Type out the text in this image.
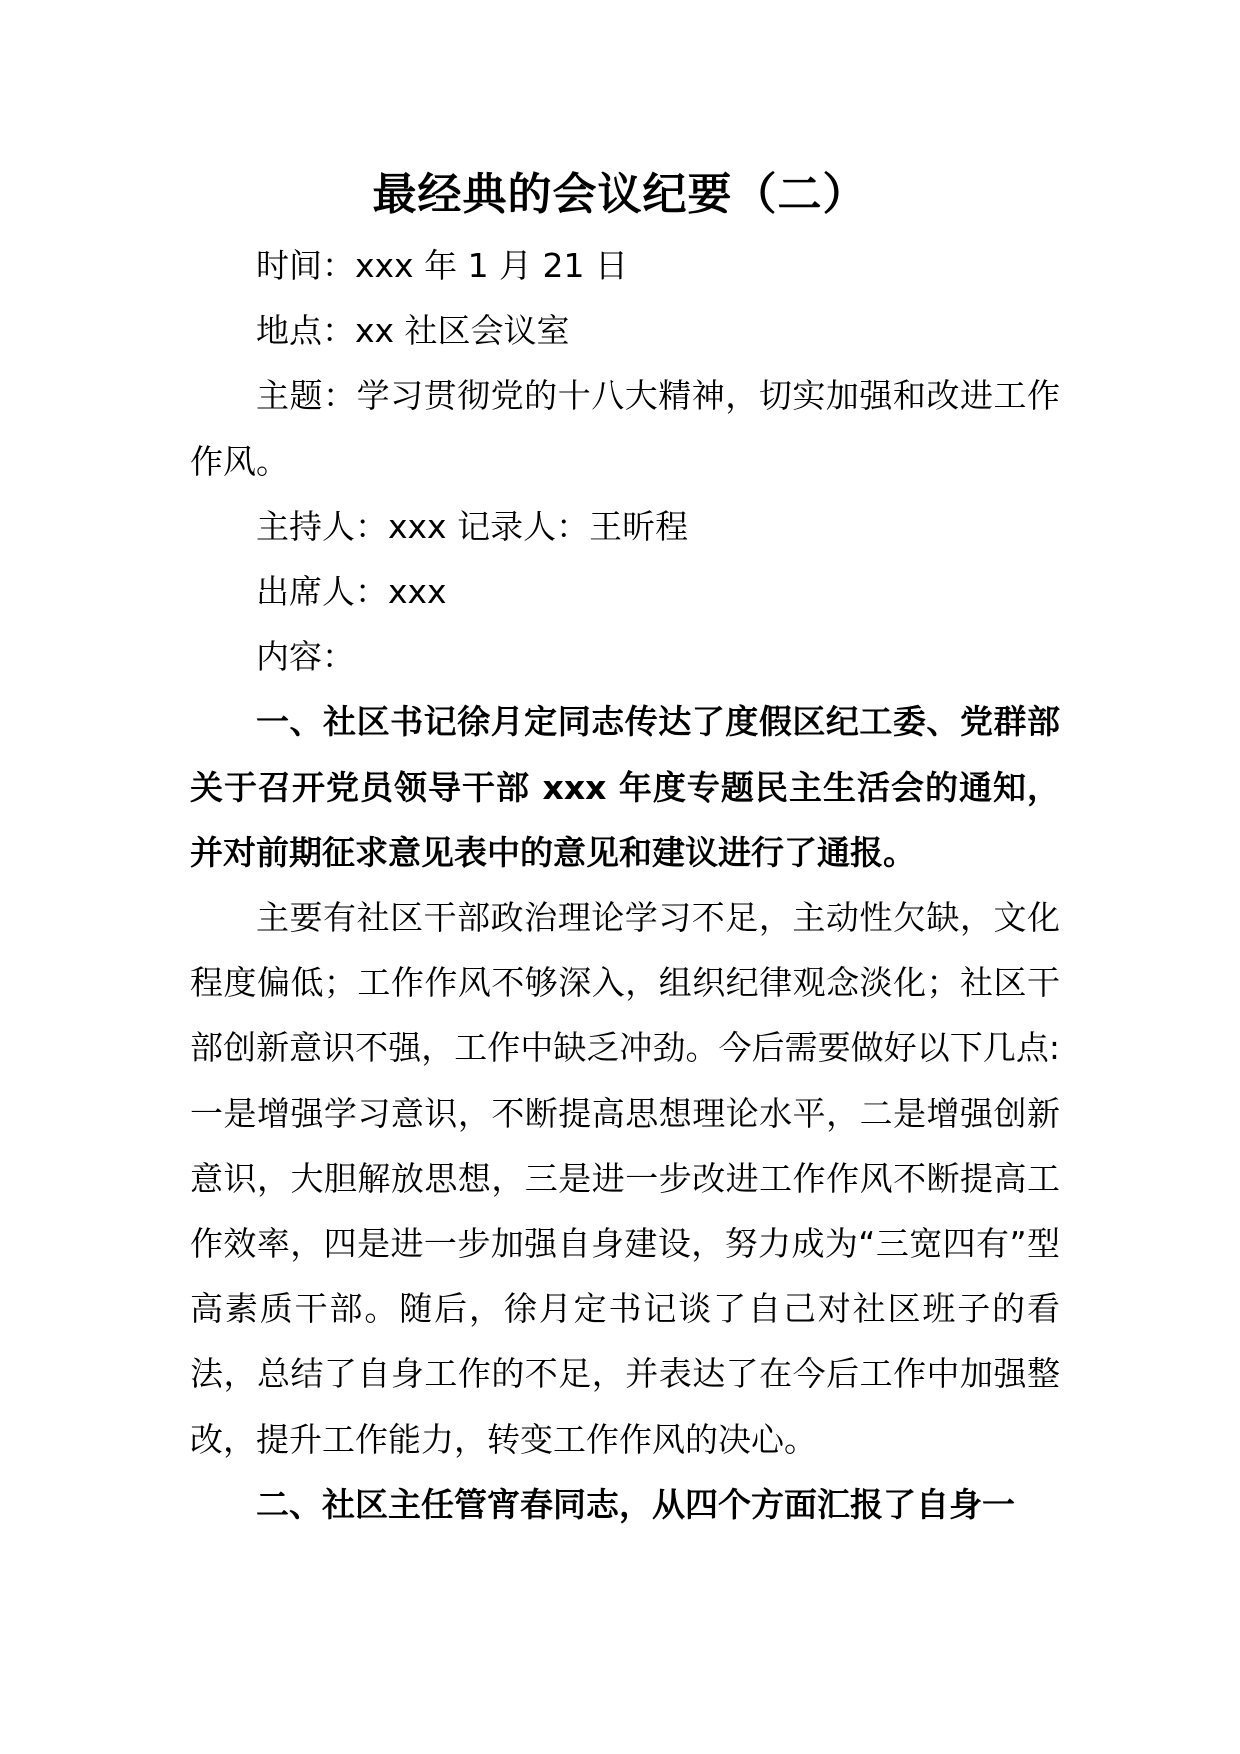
最经典的会议纪要（二）

时间：xxx 年 1 月 21 日

地点：xx 社区会议室

主题：学习贯彻党的十八大精神，切实加强和改进工作作风。

主持人：xxx 记录人：王昕程

出席人：xxx

内容：

一、社区书记徐月定同志传达了度假区纪工委、党群部关于召开党员领导干部 xxx 年度专题民主生活会的通知，并对前期征求意见表中的意见和建议进行了通报。

主要有社区干部政治理论学习不足，主动性欠缺，文化程度偏低；工作作风不够深入，组织纪律观念淡化；社区干部创新意识不强，工作中缺乏冲劲。今后需要做好以下几点:一是增强学习意识，不断提高思想理论水平，二是增强创新意识，大胆解放思想，三是进一步改进工作作风不断提高工作效率，四是进一步加强自身建设，努力成为“三宽四有”型高素质干部。随后，徐月定书记谈了自己对社区班子的看法，总结了自身工作的不足，并表达了在今后工作中加强整改，提升工作能力，转变工作作风的决心。

二、社区主任管宵春同志，从四个方面汇报了自身一
